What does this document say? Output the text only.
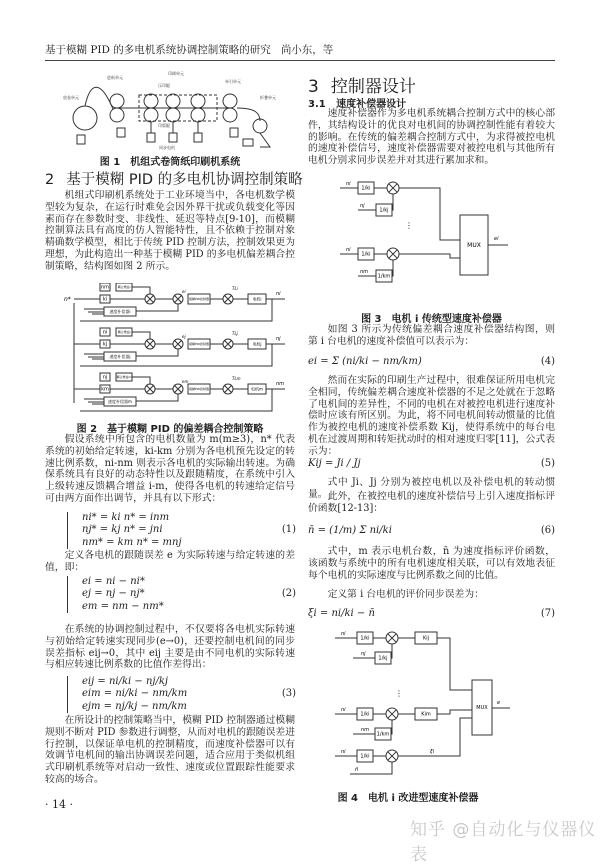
基于模糊 PID 的多电机系统协调控制策略的研究 尚小东，等
放卷单元
进纸单元
印刷单元
压印辊
印版辊
同步电机
牵引单元
折叠单元
图 1　机组式卷筒纸印刷机系统
2 基于模糊 PID 的多电机协调控制策略

机组式印刷机系统处于工业环境当中，各电机数学模型较为复杂，在运行时难免会因外界干扰或负载变化等因素而存在参数时变、非线性、延迟等特点[9-10]，而模糊控制算法具有高度的仿人智能特性，且不依赖于控制对象精确数学模型，相比于传统 PID 控制方法，控制效果更为理想，为此构造出一种基于模糊 PID 的多电机偏差耦合控制策略，结构图如图 2 所示。

n*
nm	耦合增益i
ki
ei
模糊PID控制器
TLi
电机i
ni
速度补偿器i
ni	耦合增益j
kj
ej
模糊PID控制器
TLj
电机j
nj
速度补偿器j
nj	耦合增益m
km
em
模糊PID控制器
TLm
电机m
nm
速度补偿器m
图 2　基于模糊 PID 的偏差耦合控制策略

假设系统中所包含的电机数量为 m(m≥3)，n* 代表系统的初始给定转速，ki-km 分别为各电机预先设定的转速比例系数，ni-nm 则表示各电机的实际输出转速。为确保系统具有良好的动态特性以及跟随精度，在系统中引入上级转速反馈耦合增益 i-m，使得各电机的转速给定信号可由两方面作出调节，并具有以下形式：

ni* = ki n* = inm
nj* = kj n* = jni
nm* = km n* = mnj
(1)

定义各电机的跟随误差 e 为实际转速与给定转速的差值，即：

ei = ni − ni*
ej = nj − nj*
em = nm − nm*
(2)

在系统的协调控制过程中，不仅要将各电机实际转速与初始给定转速实现同步(e→0)，还要控制电机间的同步误差指标 eij→0，其中 eij 主要是由不同电机的实际转速与相应转速比例系数的比值作差得出：

eij = ni/ki − nj/kj
eim = ni/ki − nm/km
ejm = nj/kj − nm/km
(3)

在所设计的控制策略当中，模糊 PID 控制器通过模糊规则不断对 PID 参数进行调整，从而对电机的跟随误差进行控制，以保证单电机的控制精度，而速度补偿器可以有效调节电机间的输出协调误差问题，适合应用于类似机组式印刷机系统等对启动一致性、速度或位置跟踪性能要求较高的场合。

· 14 ·
3 控制器设计
3.1 速度补偿器设计

速度补偿器作为多电机系统耦合控制方式中的核心部件，其结构设计的优良对电机间的协调控制性能有着较大的影响。在传统的偏差耦合控制方式中，为求得被控电机的速度补偿信号，速度补偿器需要对被控电机与其他所有电机分别求同步误差并对其进行累加求和。

ni
1/ki
nj
1/kj
ni
1/ki
nm
1/km
⋮
MUX
ei
图 3　电机 i 传统型速度补偿器

如图 3 所示为传统偏差耦合速度补偿器结构图，则第 i 台电机的速度补偿值可以表示为：

ei = Σ (ni/ki − nm/km)	(4)

然而在实际的印刷生产过程中，很难保证所用电机完全相同，传统偏差耦合速度补偿器的不足之处就在于忽略了电机间的差异性，不同的电机在对被控电机进行速度补偿时应该有所区别。为此，将不同电机间转动惯量的比值作为被控电机的速度补偿系数 Kij，使得系统中的每台电机在过渡周期和转矩扰动时的相对速度归零[11]，公式表示为：

Kij = Ji / Jj	(5)

式中 Ji、Jj 分别为被控电机以及补偿电机的转动惯量。 此外，在被控电机的速度补偿信号上引入速度指标评价函数[12-13]：

n̄ = (1/m) Σ ni/ki	(6)

式中，m 表示电机台数，n̄ 为速度指标评价函数，该函数与系统中的所有电机速度相关联，可以有效地表征每个电机的实际速度与比例系数之间的比值。

定义第 i 台电机的评价同步误差为：

ξi = ni/ki − n̄	(7)
ni
1/ki	Kij
nj
1/kj
ni
1/ki	Kim
nm
1/km
⋮
ni
1/ki
ξi
n̄
MUX
e
图 4　电机 i 改进型速度补偿器
知乎 @自动化与仪器仪表
